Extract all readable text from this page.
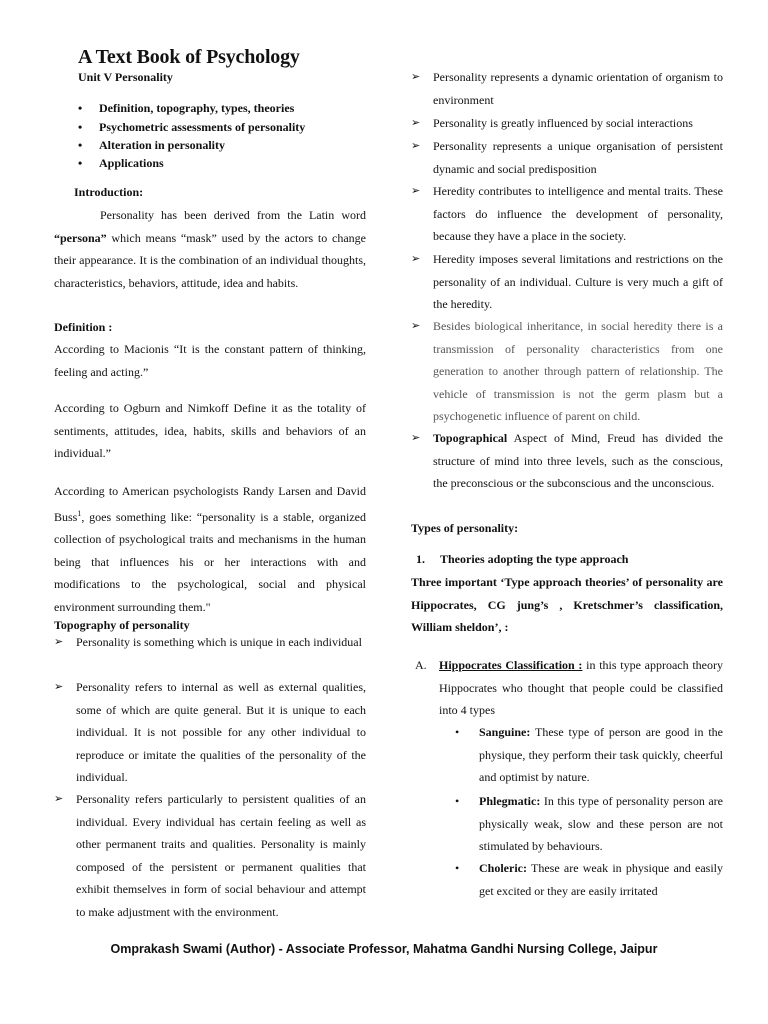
A Text Book of Psychology
Unit V Personality
• Definition, topography, types, theories
• Psychometric assessments of personality
• Alteration in personality
• Applications
Introduction:
Personality has been derived from the Latin word “persona” which means “mask” used by the actors to change their appearance. It is the combination of an individual thoughts, characteristics, behaviors, attitude, idea and habits.
Definition :
According to Macionis “It is the constant pattern of thinking, feeling and acting.”
According to Ogburn and Nimkoff Define it as the totality of sentiments, attitudes, idea, habits, skills and behaviors of an individual.”
According to American psychologists Randy Larsen and David Buss$^1$, goes something like: “personality is a stable, organized collection of psychological traits and mechanisms in the human being that influences his or her interactions with and modifications to the psychological, social and physical environment surrounding them."
Topography of personality
➢	Personality is something which is unique in each individual
➢	Personality refers to internal as well as external qualities, some of which are quite general. But it is unique to each individual. It is not possible for any other individual to reproduce or imitate the qualities of the personality of the individual.
➢	Personality refers particularly to persistent qualities of an individual. Every individual has certain feeling as well as other permanent traits and qualities. Personality is mainly composed of the persistent or permanent qualities that exhibit themselves in form of social behaviour and attempt to make adjustment with the environment.
➢	Personality represents a dynamic orientation of organism to environment
➢	Personality is greatly influenced by social interactions
➢	Personality represents a unique organisation of persistent dynamic and social predisposition
➢	Heredity contributes to intelligence and mental traits. These factors do influence the development of personality, because they have a place in the society.
➢	Heredity imposes several limitations and restrictions on the personality of an individual. Culture is very much a gift of the heredity.
➢	Besides biological inheritance, in social heredity there is a transmission of personality characteristics from one generation to another through pattern of relationship. The vehicle of transmission is not the germ plasm but a psychogenetic influence of parent on child.
➢	Topographical Aspect of Mind, Freud has divided the structure of mind into three levels, such as the conscious, the preconscious or the subconscious and the unconscious.
Types of personality:
1. Theories adopting the type approach
Three important ‘Type approach theories’ of personality are Hippocrates, CG jung’s , Kretschmer’s classification, William sheldon’, :
A. Hippocrates Classification : in this type approach theory Hippocrates who thought that people could be classified into 4 types
• Sanguine: These type of person are good in the physique, they perform their task quickly, cheerful and optimist by nature.
• Phlegmatic: In this type of personality person are physically weak, slow and these person are not stimulated by behaviours.
• Choleric: These are weak in physique and easily get excited or they are easily irritated
Omprakash Swami (Author) - Associate Professor, Mahatma Gandhi Nursing College, Jaipur
